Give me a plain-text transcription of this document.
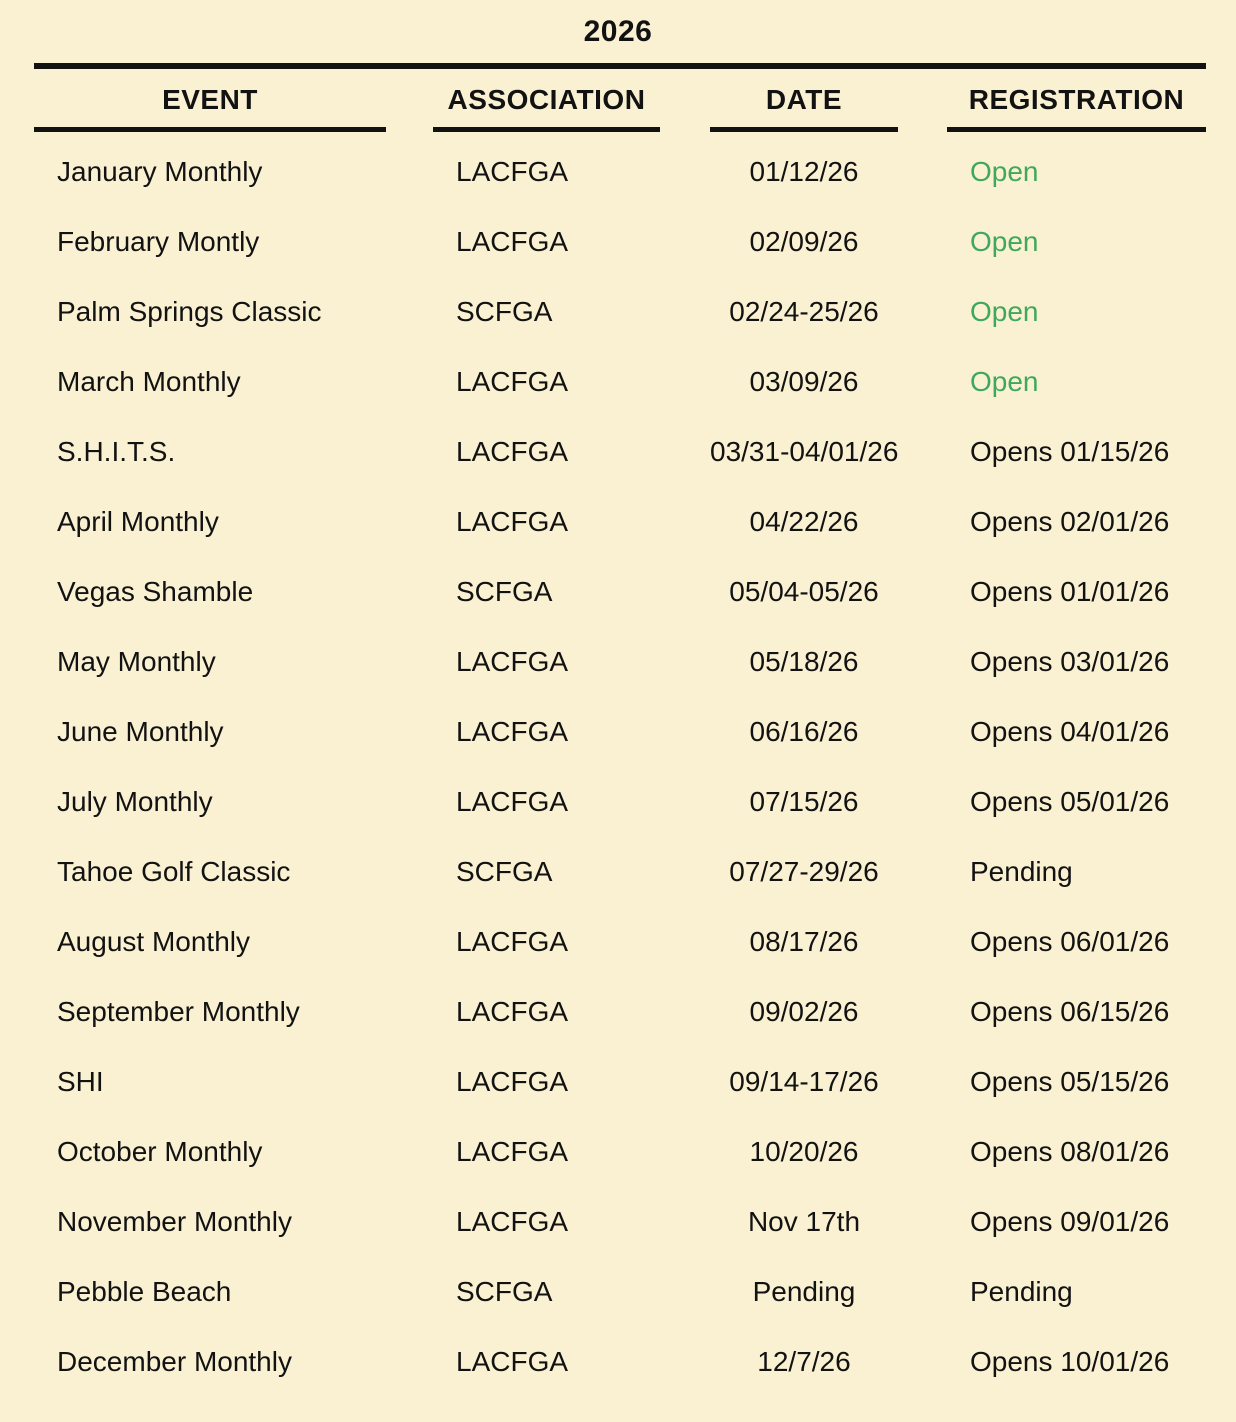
2026
EVENT	ASSOCIATION	DATE	REGISTRATION
January Monthly	LACFGA	01/12/26	Open
February Montly	LACFGA	02/09/26	Open
Palm Springs Classic	SCFGA	02/24-25/26	Open
March Monthly	LACFGA	03/09/26	Open
S.H.I.T.S.	LACFGA	03/31-04/01/26	Opens 01/15/26
April Monthly	LACFGA	04/22/26	Opens 02/01/26
Vegas Shamble	SCFGA	05/04-05/26	Opens 01/01/26
May Monthly	LACFGA	05/18/26	Opens 03/01/26
June Monthly	LACFGA	06/16/26	Opens 04/01/26
July Monthly	LACFGA	07/15/26	Opens 05/01/26
Tahoe Golf Classic	SCFGA	07/27-29/26	Pending
August Monthly	LACFGA	08/17/26	Opens 06/01/26
September Monthly	LACFGA	09/02/26	Opens 06/15/26
SHI	LACFGA	09/14-17/26	Opens 05/15/26
October Monthly	LACFGA	10/20/26	Opens 08/01/26
November Monthly	LACFGA	Nov 17th	Opens 09/01/26
Pebble Beach	SCFGA	Pending	Pending
December Monthly	LACFGA	12/7/26	Opens 10/01/26
